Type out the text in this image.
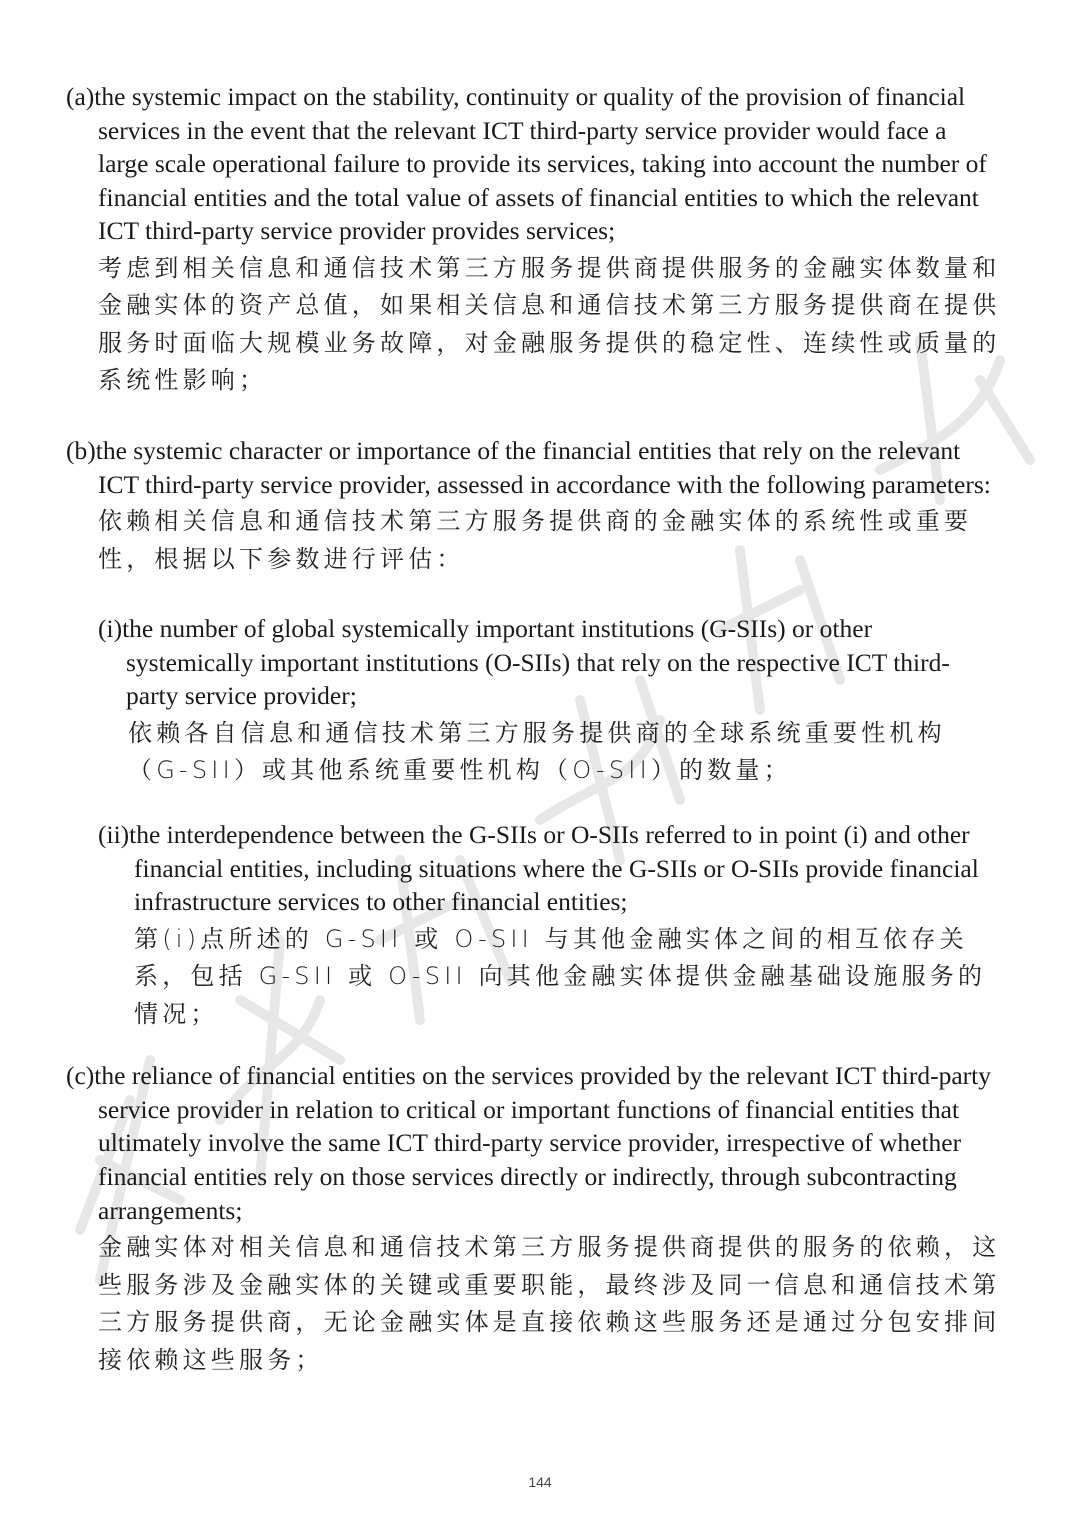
(a)the systemic impact on the stability, continuity or quality of the provision of financial services in the event that the relevant ICT third-party service provider would face a large scale operational failure to provide its services, taking into account the number of financial entities and the total value of assets of financial entities to which the relevant ICT third-party service provider provides services;

考虑到相关信息和通信技术第三方服务提供商提供服务的金融实体数量和金融实体的资产总值，如果相关信息和通信技术第三方服务提供商在提供服务时面临大规模业务故障，对金融服务提供的稳定性、连续性或质量的系统性影响；

(b)the systemic character or importance of the financial entities that rely on the relevant ICT third-party service provider, assessed in accordance with the following parameters:

依赖相关信息和通信技术第三方服务提供商的金融实体的系统性或重要性，根据以下参数进行评估：

(i)the number of global systemically important institutions (G-SIIs) or other systemically important institutions (O-SIIs) that rely on the respective ICT third-party service provider;

依赖各自信息和通信技术第三方服务提供商的全球系统重要性机构（G-SII）或其他系统重要性机构（O-SII）的数量；

(ii)the interdependence between the G-SIIs or O-SIIs referred to in point (i) and other financial entities, including situations where the G-SIIs or O-SIIs provide financial infrastructure services to other financial entities;

第(i)点所述的 G-SII 或 O-SII 与其他金融实体之间的相互依存关系，包括 G-SII 或 O-SII 向其他金融实体提供金融基础设施服务的情况；

(c)the reliance of financial entities on the services provided by the relevant ICT third-party service provider in relation to critical or important functions of financial entities that ultimately involve the same ICT third-party service provider, irrespective of whether financial entities rely on those services directly or indirectly, through subcontracting arrangements;

金融实体对相关信息和通信技术第三方服务提供商提供的服务的依赖，这些服务涉及金融实体的关键或重要职能，最终涉及同一信息和通信技术第三方服务提供商，无论金融实体是直接依赖这些服务还是通过分包安排间接依赖这些服务；

144
